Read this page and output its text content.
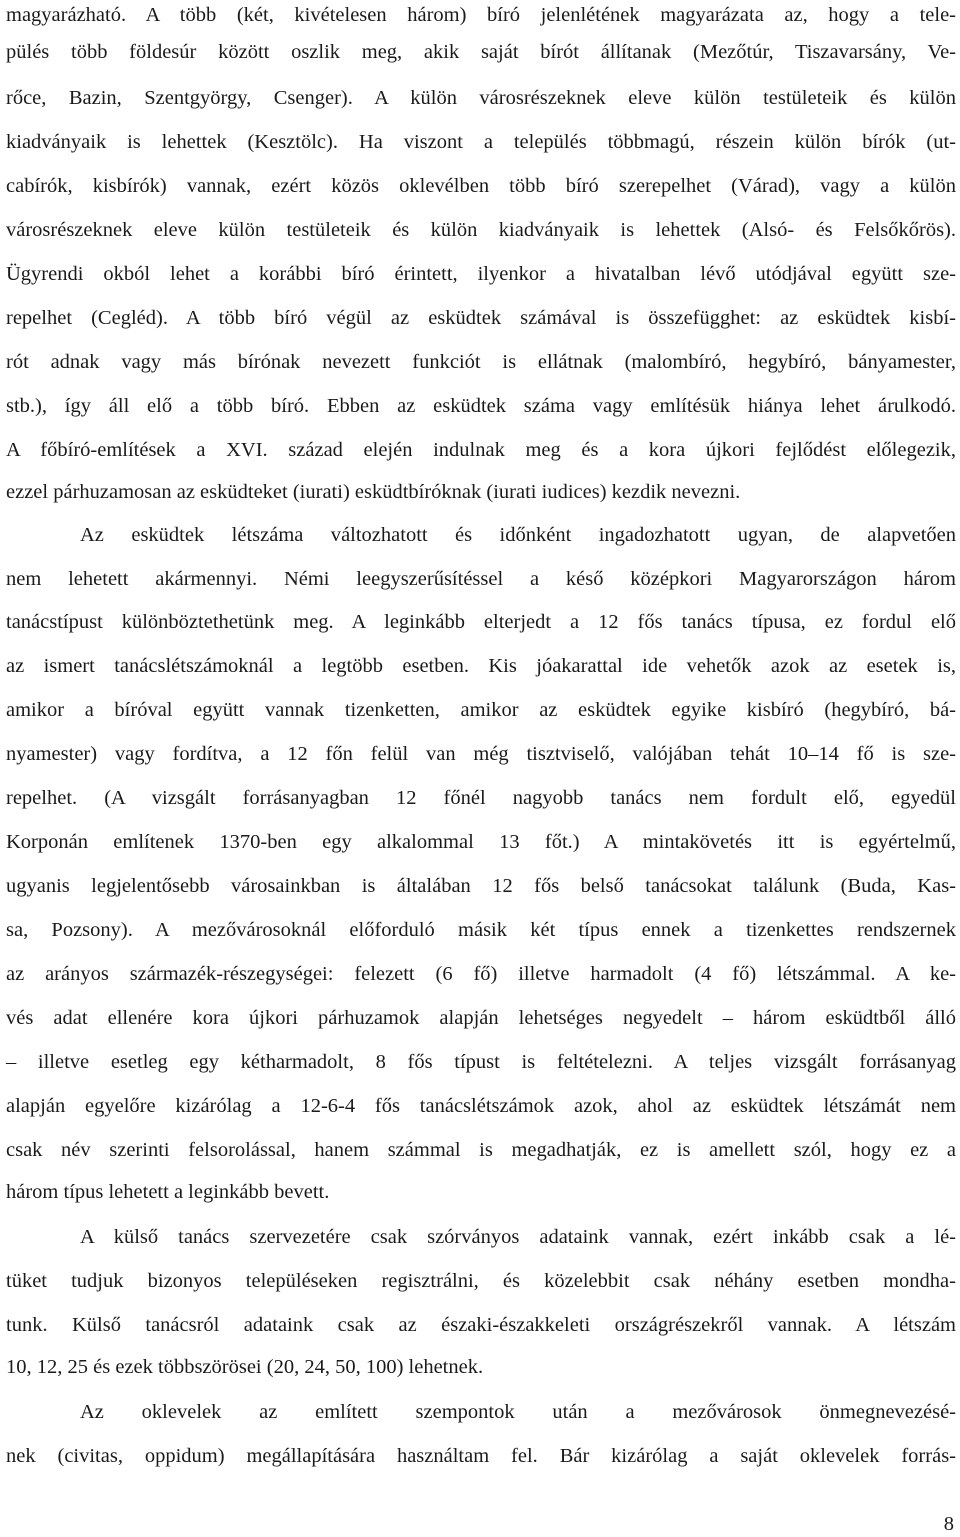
magyarázható. A több (két, kivételesen három) bíró jelenlétének magyarázata az, hogy a tele-
pülés több földesúr között oszlik meg, akik saját bírót állítanak (Mezőtúr, Tiszavarsány, Ve-
rőce, Bazin, Szentgyörgy, Csenger). A külön városrészeknek eleve külön testületeik és külön
kiadványaik is lehettek (Kesztölc). Ha viszont a település többmagú, részein külön bírók (ut-
cabírók, kisbírók) vannak, ezért közös oklevélben több bíró szerepelhet (Várad), vagy a külön
városrészeknek eleve külön testületeik és külön kiadványaik is lehettek (Alsó- és Felsőkőrös).
Ügyrendi okból lehet a korábbi bíró érintett, ilyenkor a hivatalban lévő utódjával együtt sze-
repelhet (Cegléd). A több bíró végül az esküdtek számával is összefügghet: az esküdtek kisbí-
rót adnak vagy más bírónak nevezett funkciót is ellátnak (malombíró, hegybíró, bányamester,
stb.), így áll elő a több bíró. Ebben az esküdtek száma vagy említésük hiánya lehet árulkodó.
A főbíró-említések a XVI. század elején indulnak meg és a kora újkori fejlődést előlegezik,
ezzel párhuzamosan az esküdteket (iurati) esküdtbíróknak (iurati iudices) kezdik nevezni.
Az esküdtek létszáma változhatott és időnként ingadozhatott ugyan, de alapvetően
nem lehetett akármennyi. Némi leegyszerűsítéssel a késő középkori Magyarországon három
tanácstípust különböztethetünk meg. A leginkább elterjedt a 12 fős tanács típusa, ez fordul elő
az ismert tanácslétszámoknál a legtöbb esetben. Kis jóakarattal ide vehetők azok az esetek is,
amikor a bíróval együtt vannak tizenketten, amikor az esküdtek egyike kisbíró (hegybíró, bá-
nyamester) vagy fordítva, a 12 főn felül van még tisztviselő, valójában tehát 10–14 fő is sze-
repelhet. (A vizsgált forrásanyagban 12 főnél nagyobb tanács nem fordult elő, egyedül
Korponán említenek 1370-ben egy alkalommal 13 főt.) A mintakövetés itt is egyértelmű,
ugyanis legjelentősebb városainkban is általában 12 fős belső tanácsokat találunk (Buda, Kas-
sa, Pozsony). A mezővárosoknál előforduló másik két típus ennek a tizenkettes rendszernek
az arányos származék-részegységei: felezett (6 fő) illetve harmadolt (4 fő) létszámmal. A ke-
vés adat ellenére kora újkori párhuzamok alapján lehetséges negyedelt – három esküdtből álló
– illetve esetleg egy kétharmadolt, 8 fős típust is feltételezni. A teljes vizsgált forrásanyag
alapján egyelőre kizárólag a 12-6-4 fős tanácslétszámok azok, ahol az esküdtek létszámát nem
csak név szerinti felsorolással, hanem számmal is megadhatják, ez is amellett szól, hogy ez a
három típus lehetett a leginkább bevett.
A külső tanács szervezetére csak szórványos adataink vannak, ezért inkább csak a lé-
tüket tudjuk bizonyos településeken regisztrálni, és közelebbit csak néhány esetben mondha-
tunk. Külső tanácsról adataink csak az északi-északkeleti országrészekről vannak. A létszám
10, 12, 25 és ezek többszörösei (20, 24, 50, 100) lehetnek.
Az oklevelek az említett szempontok után a mezővárosok önmegnevezésé-
nek (civitas, oppidum) megállapítására használtam fel. Bár kizárólag a saját oklevelek forrás-
8
